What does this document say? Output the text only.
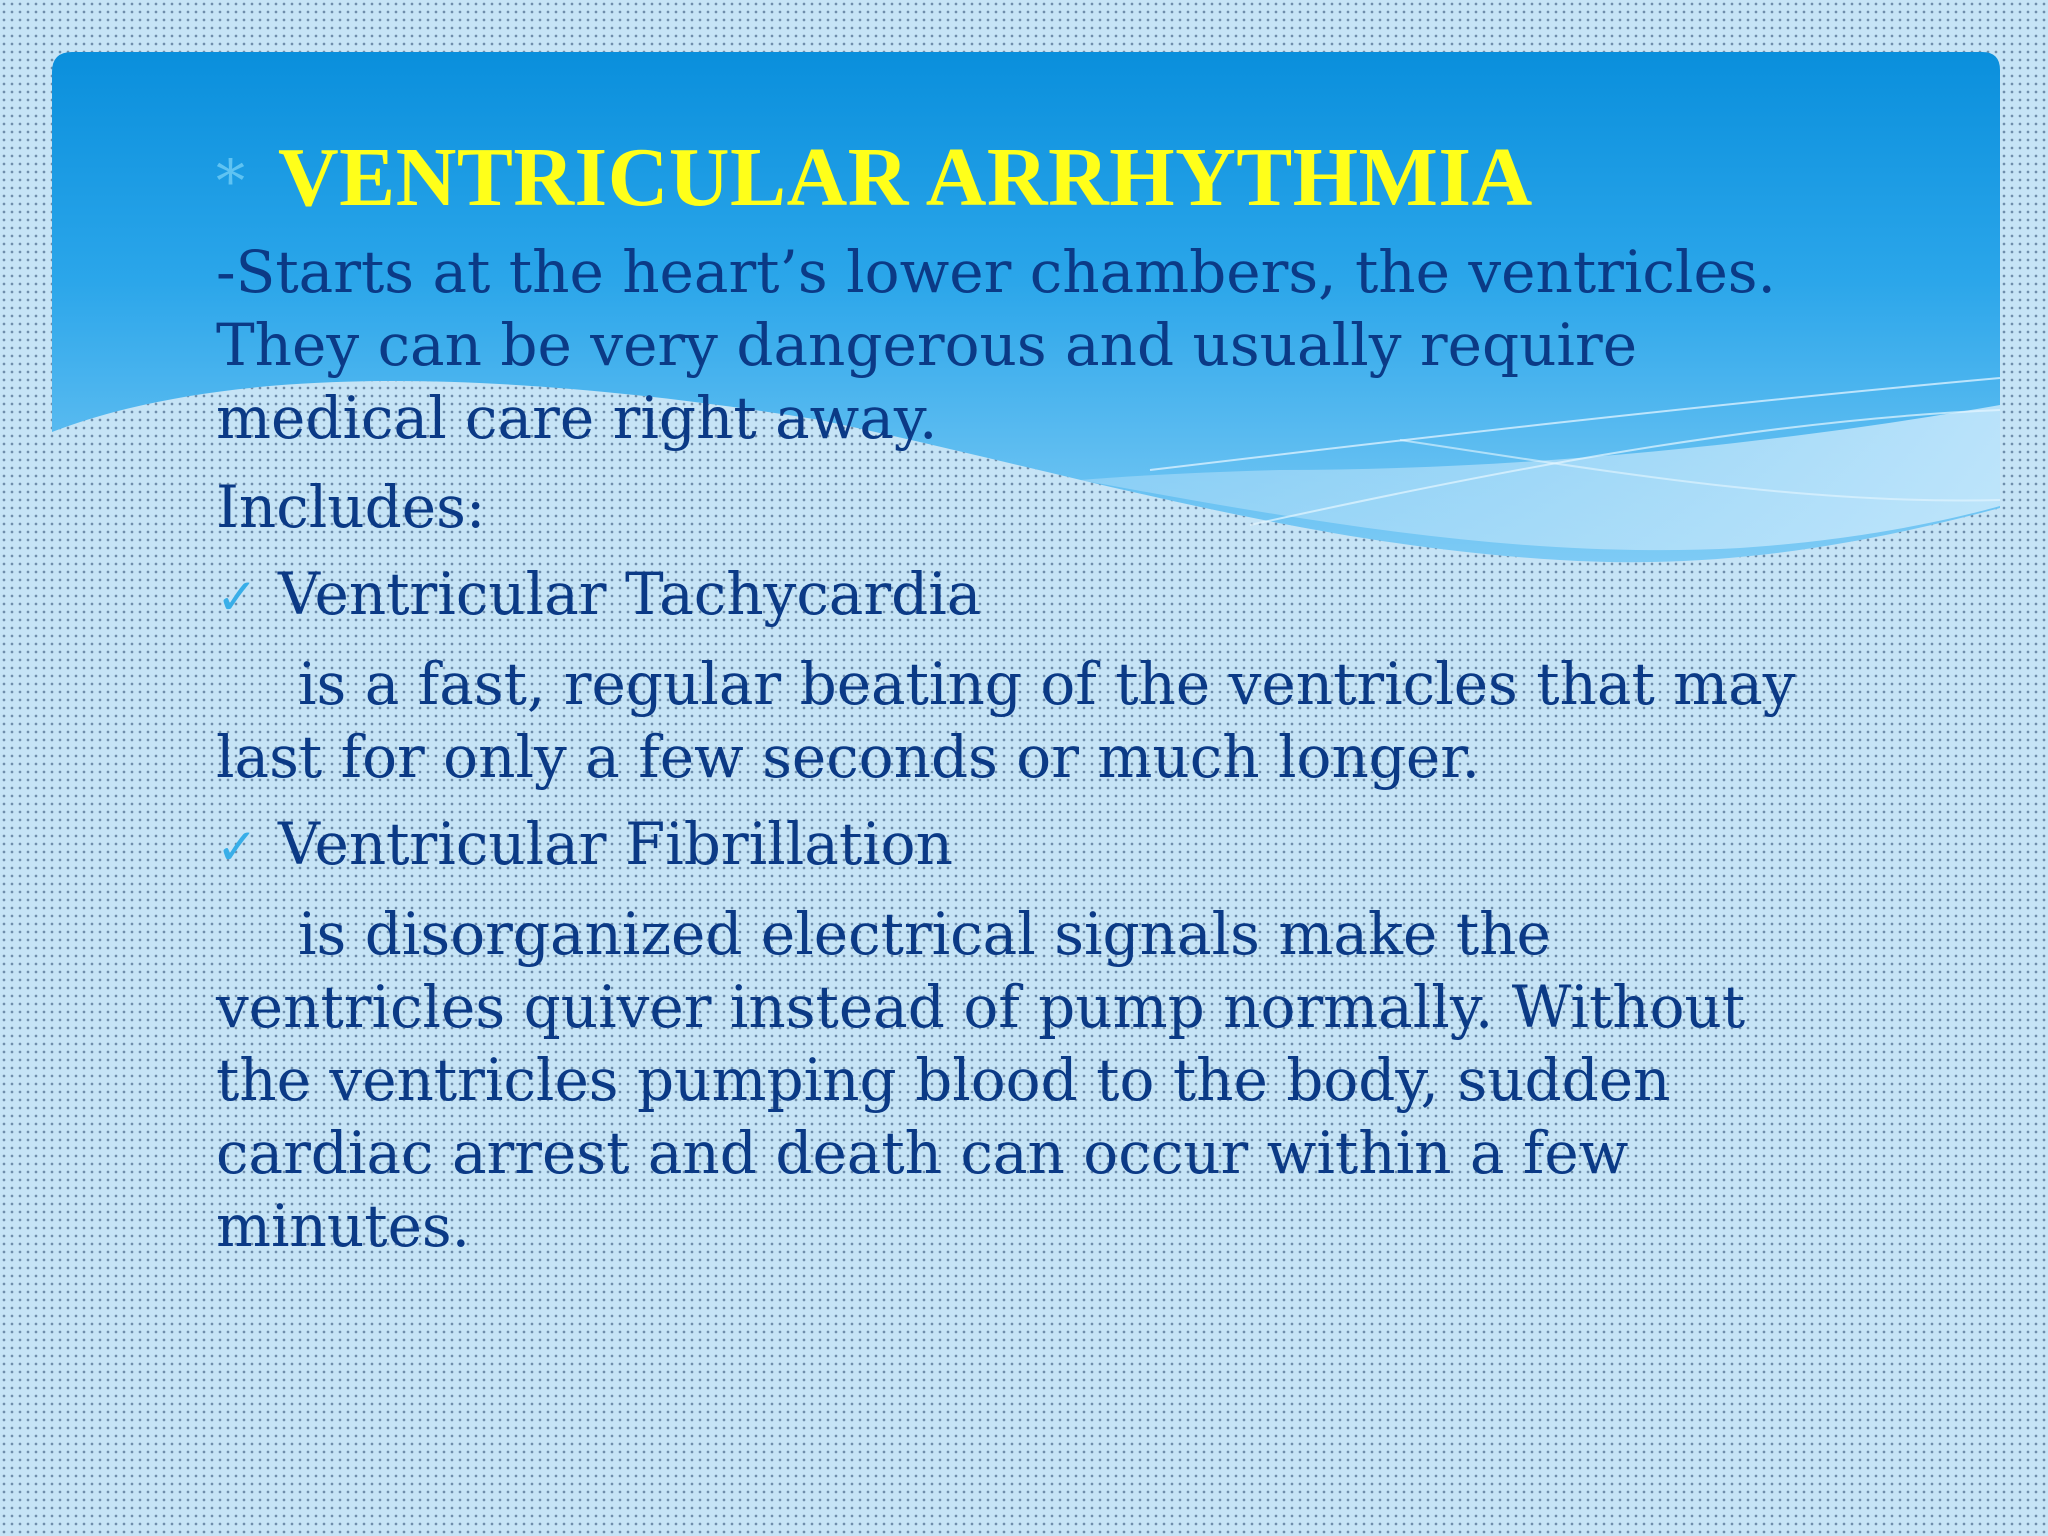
* VENTRICULAR ARRHYTHMIA
-Starts at the heart’s lower chambers, the ventricles.
They can be very dangerous and usually require
medical care right away.
Includes:
✓ Ventricular Tachycardia
is a fast, regular beating of the ventricles that may
last for only a few seconds or much longer.
✓ Ventricular Fibrillation
is disorganized electrical signals make the
ventricles quiver instead of pump normally. Without
the ventricles pumping blood to the body, sudden
cardiac arrest and death can occur within a few
minutes.
